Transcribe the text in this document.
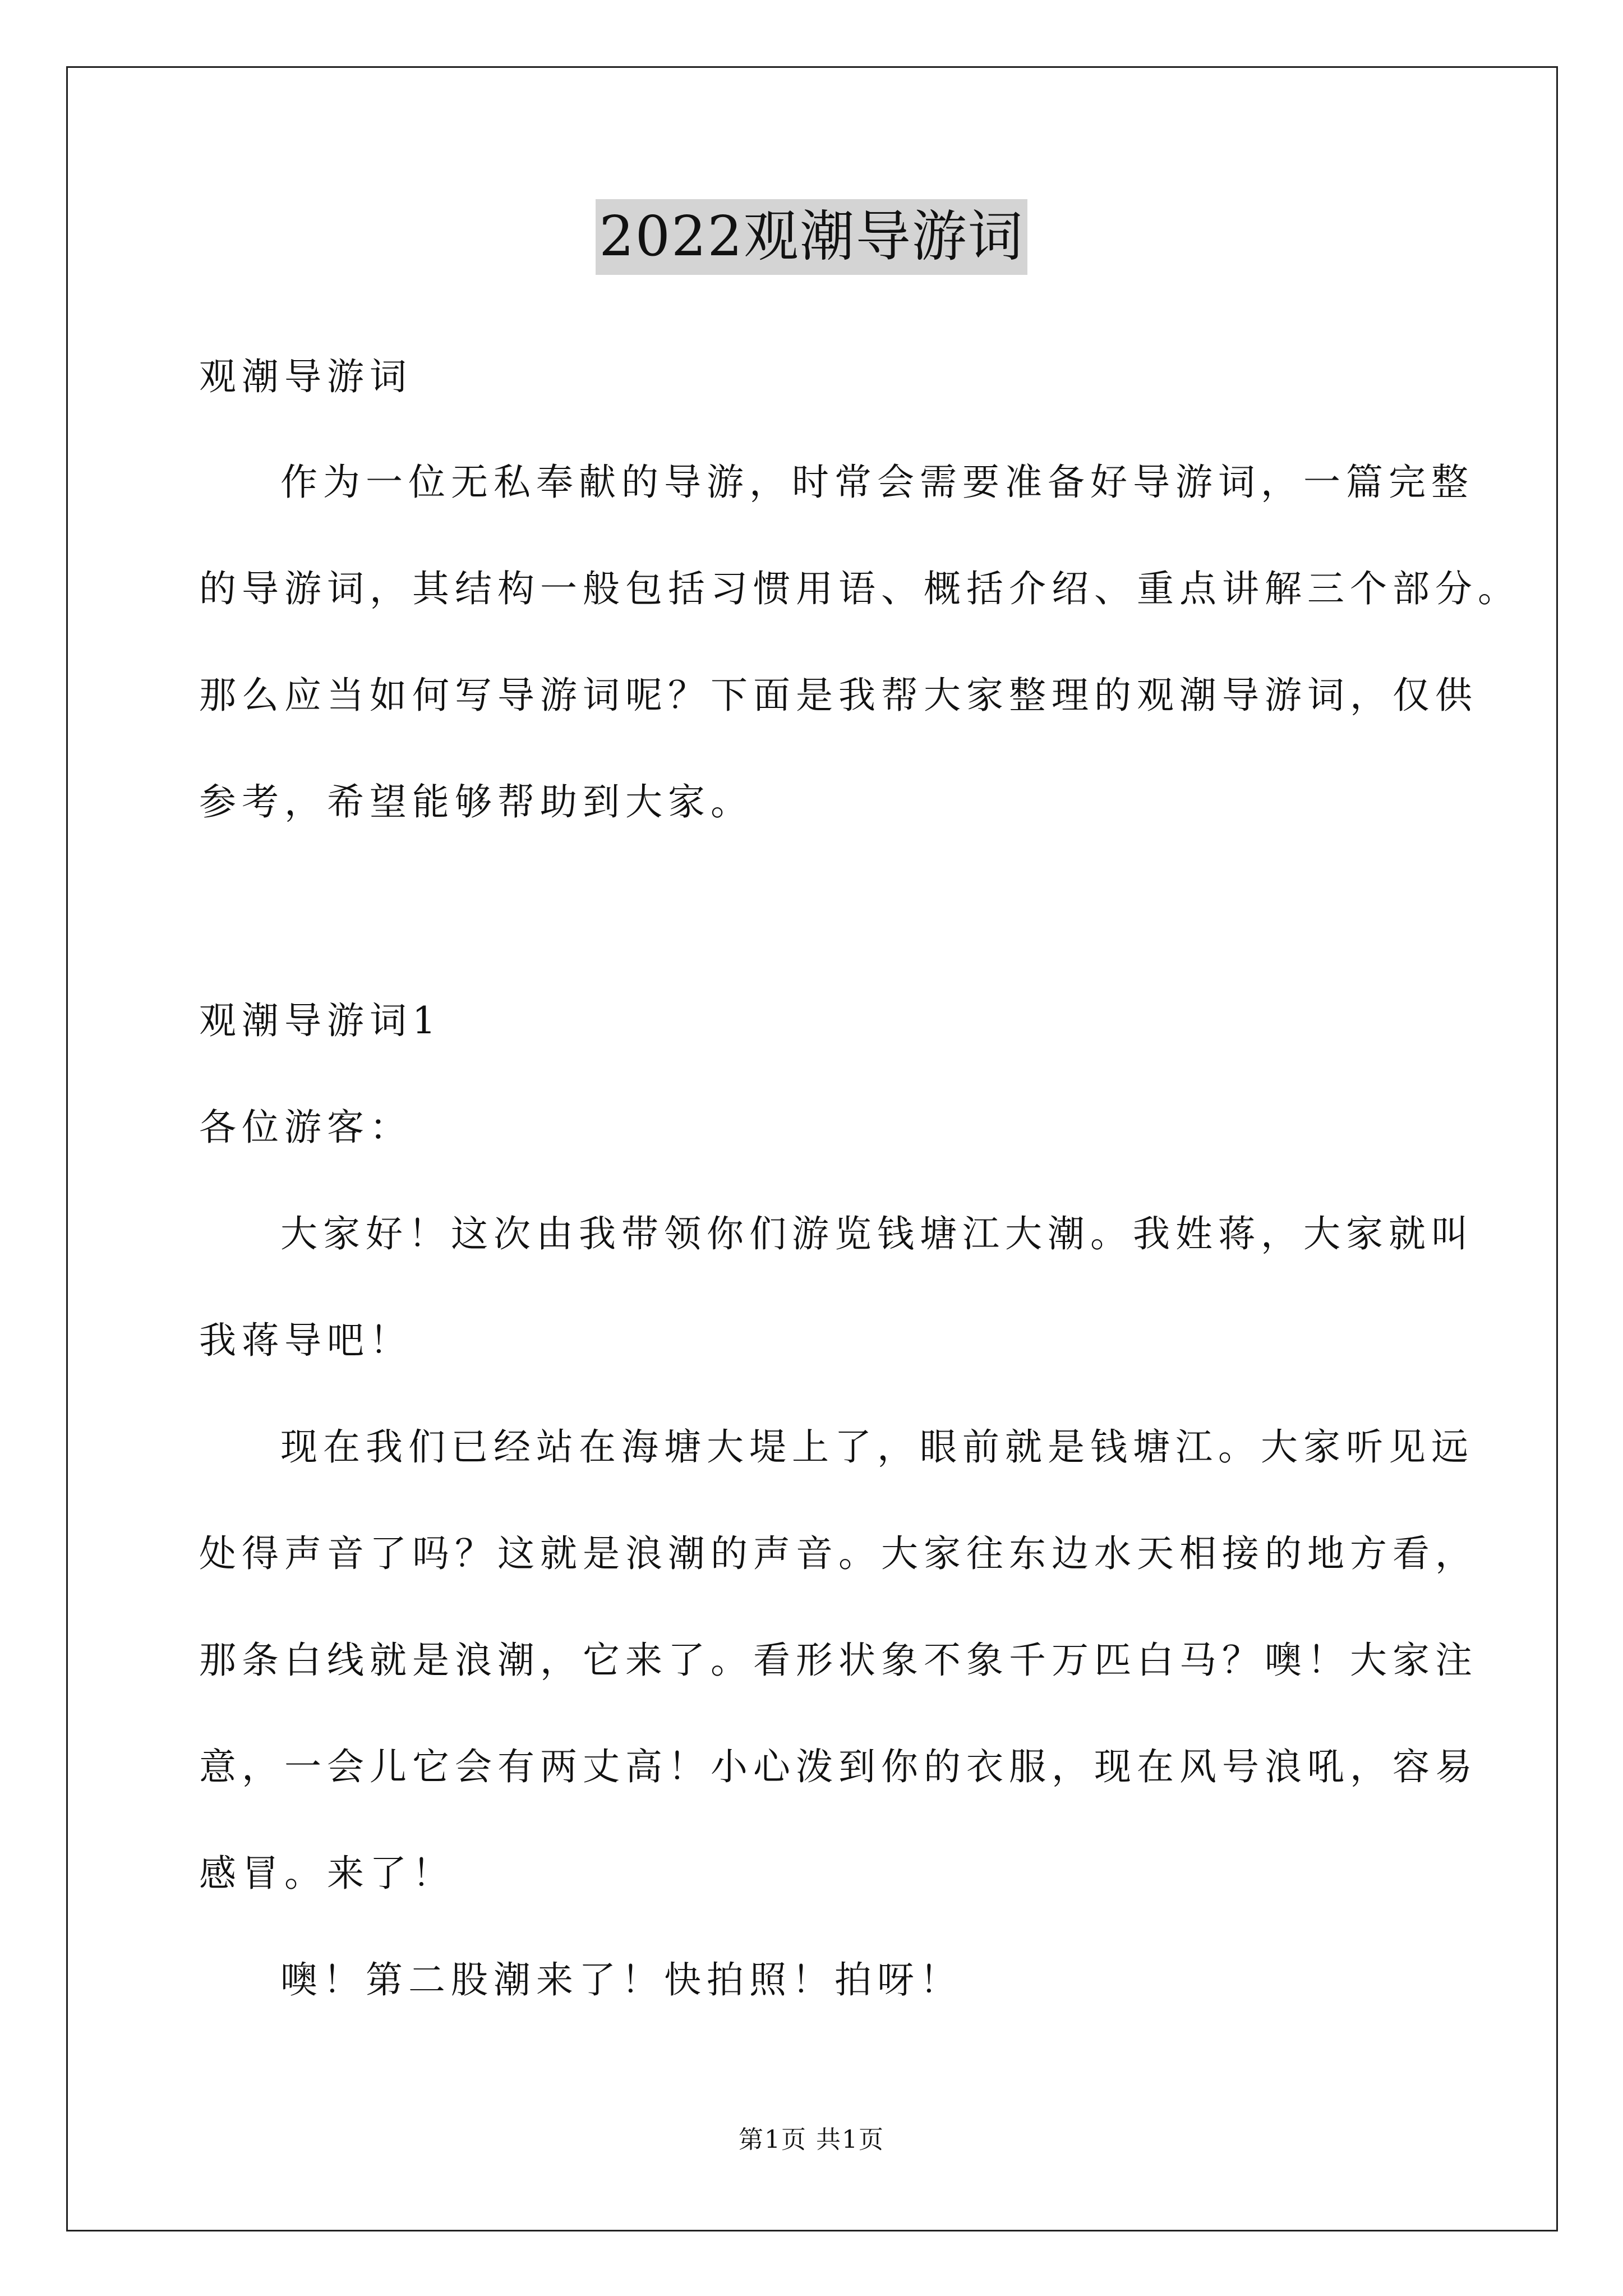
2022观潮导游词
观潮导游词
作为一位无私奉献的导游，时常会需要准备好导游词，一篇完整
的导游词，其结构一般包括习惯用语、概括介绍、重点讲解三个部分。
那么应当如何写导游词呢？下面是我帮大家整理的观潮导游词，仅供
参考，希望能够帮助到大家。
观潮导游词1
各位游客：
大家好！这次由我带领你们游览钱塘江大潮。我姓蒋，大家就叫
我蒋导吧！
现在我们已经站在海塘大堤上了，眼前就是钱塘江。大家听见远
处得声音了吗？这就是浪潮的声音。大家往东边水天相接的地方看，
那条白线就是浪潮，它来了。看形状象不象千万匹白马？噢！大家注
意，一会儿它会有两丈高！小心泼到你的衣服，现在风号浪吼，容易
感冒。来了！
噢！第二股潮来了！快拍照！拍呀！
第1页 共1页
